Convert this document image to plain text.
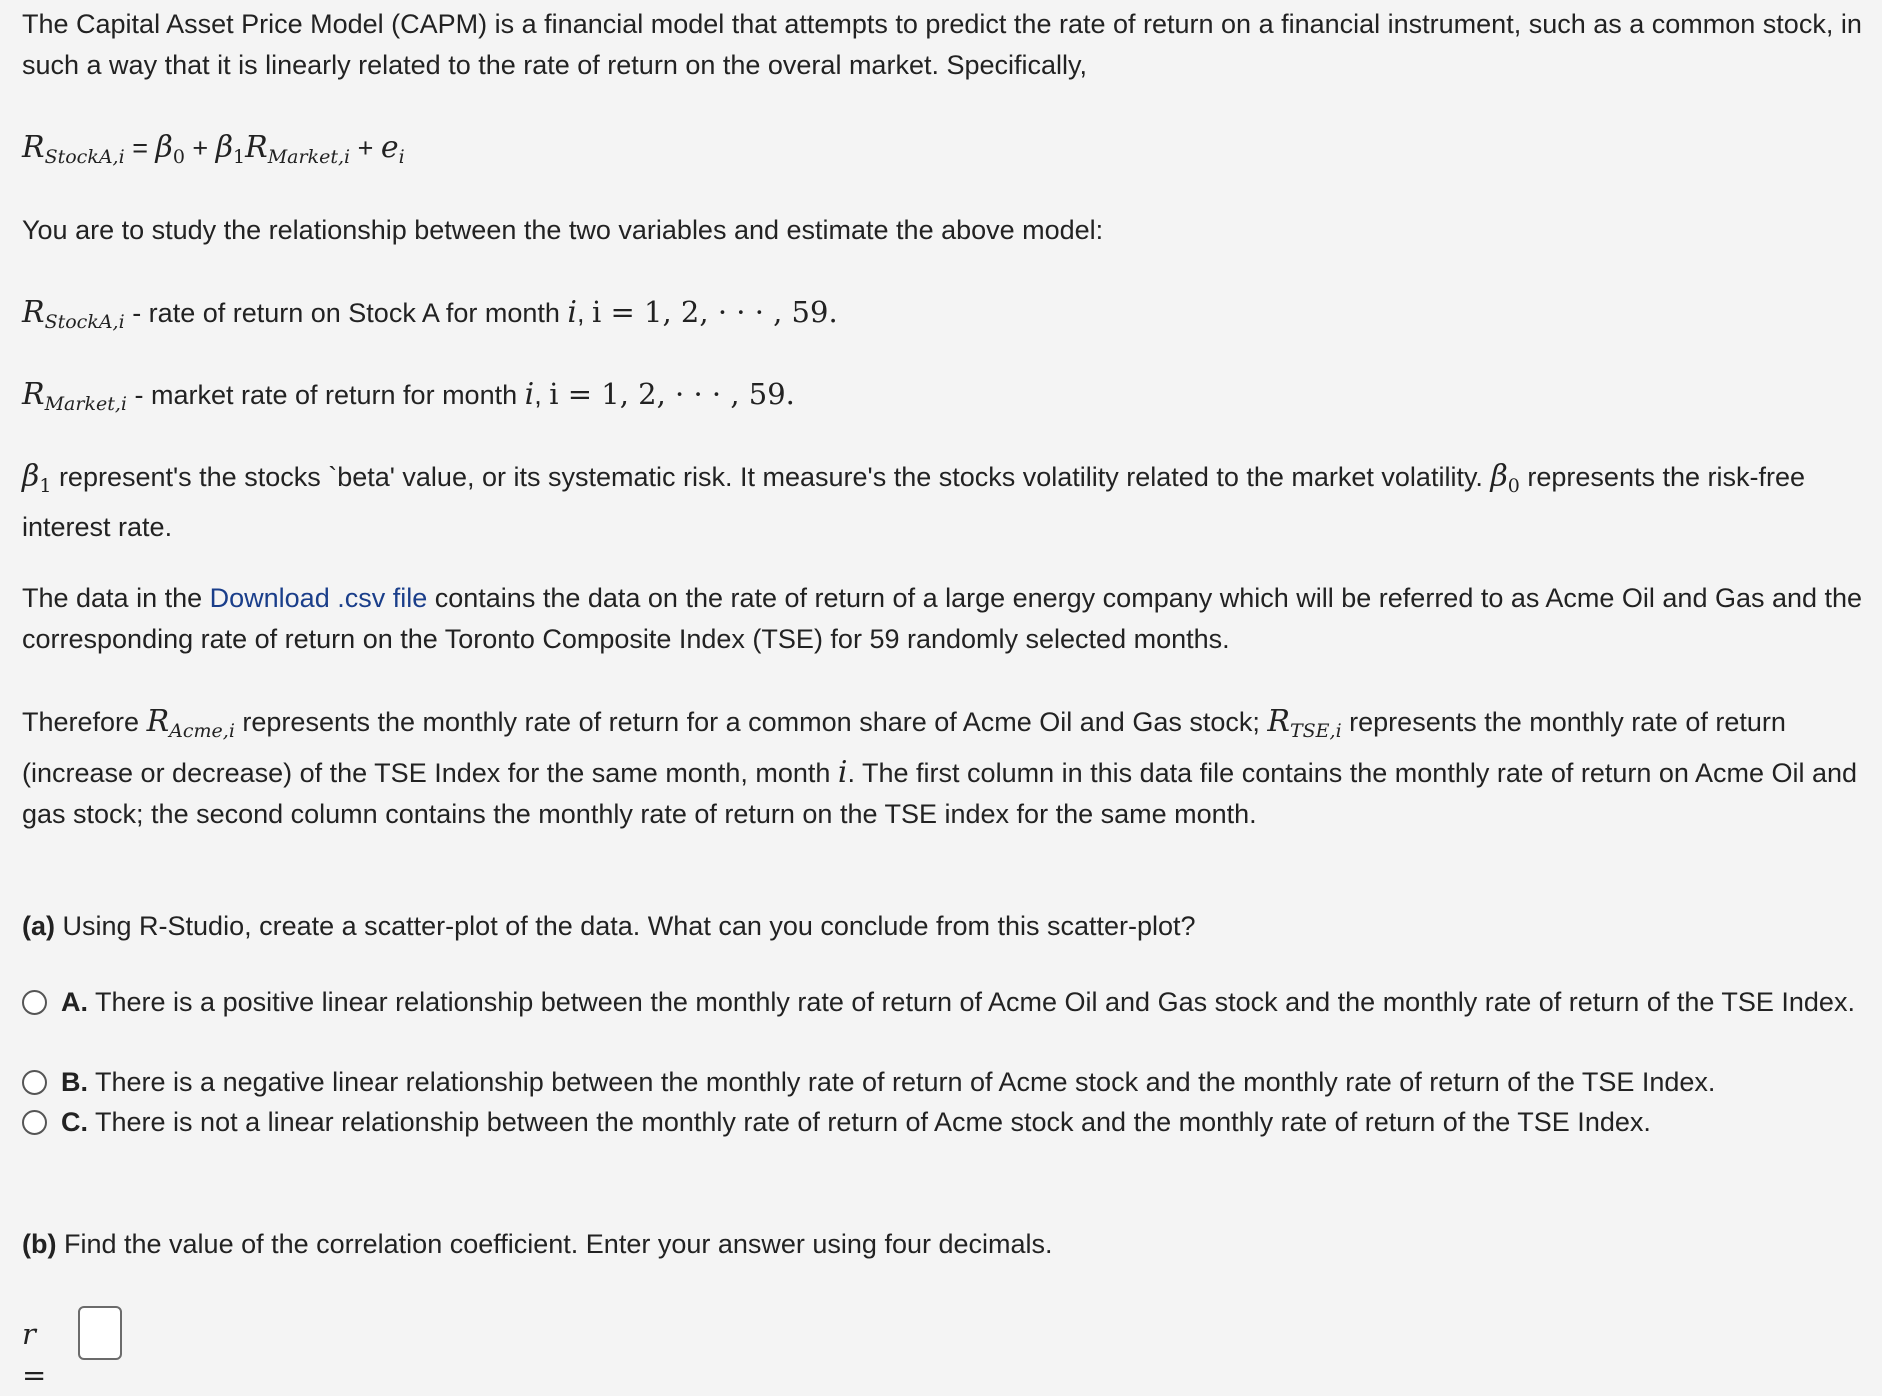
The Capital Asset Price Model (CAPM) is a financial model that attempts to predict the rate of return on a financial instrument, such as a common stock, in such a way that it is linearly related to the rate of return on the overal market. Specifically,

$R_{StockA,i} = \beta_0 + \beta_1R_{Market,i} + e_i$

You are to study the relationship between the two variables and estimate the above model:

$R_{StockA,i}$ - rate of return on Stock A for month i, i = 1, 2, · · · , 59.

$R_{Market,i}$ - market rate of return for month i, i = 1, 2, · · · , 59.

$\beta_1$ represent's the stocks `beta' value, or its systematic risk. It measure's the stocks volatility related to the market volatility. $\beta_0$ represents the risk-free interest rate.

The data in the Download .csv file contains the data on the rate of return of a large energy company which will be referred to as Acme Oil and Gas and the corresponding rate of return on the Toronto Composite Index (TSE) for 59 randomly selected months.

Therefore $R_{Acme,i}$ represents the monthly rate of return for a common share of Acme Oil and Gas stock; $R_{TSE,i}$ represents the monthly rate of return (increase or decrease) of the TSE Index for the same month, month i. The first column in this data file contains the monthly rate of return on Acme Oil and gas stock; the second column contains the monthly rate of return on the TSE index for the same month.

(a) Using R-Studio, create a scatter-plot of the data. What can you conclude from this scatter-plot?

A. There is a positive linear relationship between the monthly rate of return of Acme Oil and Gas stock and the monthly rate of return of the TSE Index.
B. There is a negative linear relationship between the monthly rate of return of Acme stock and the monthly rate of return of the TSE Index.
C. There is not a linear relationship between the monthly rate of return of Acme stock and the monthly rate of return of the TSE Index.

(b) Find the value of the correlation coefficient. Enter your answer using four decimals.

r =
